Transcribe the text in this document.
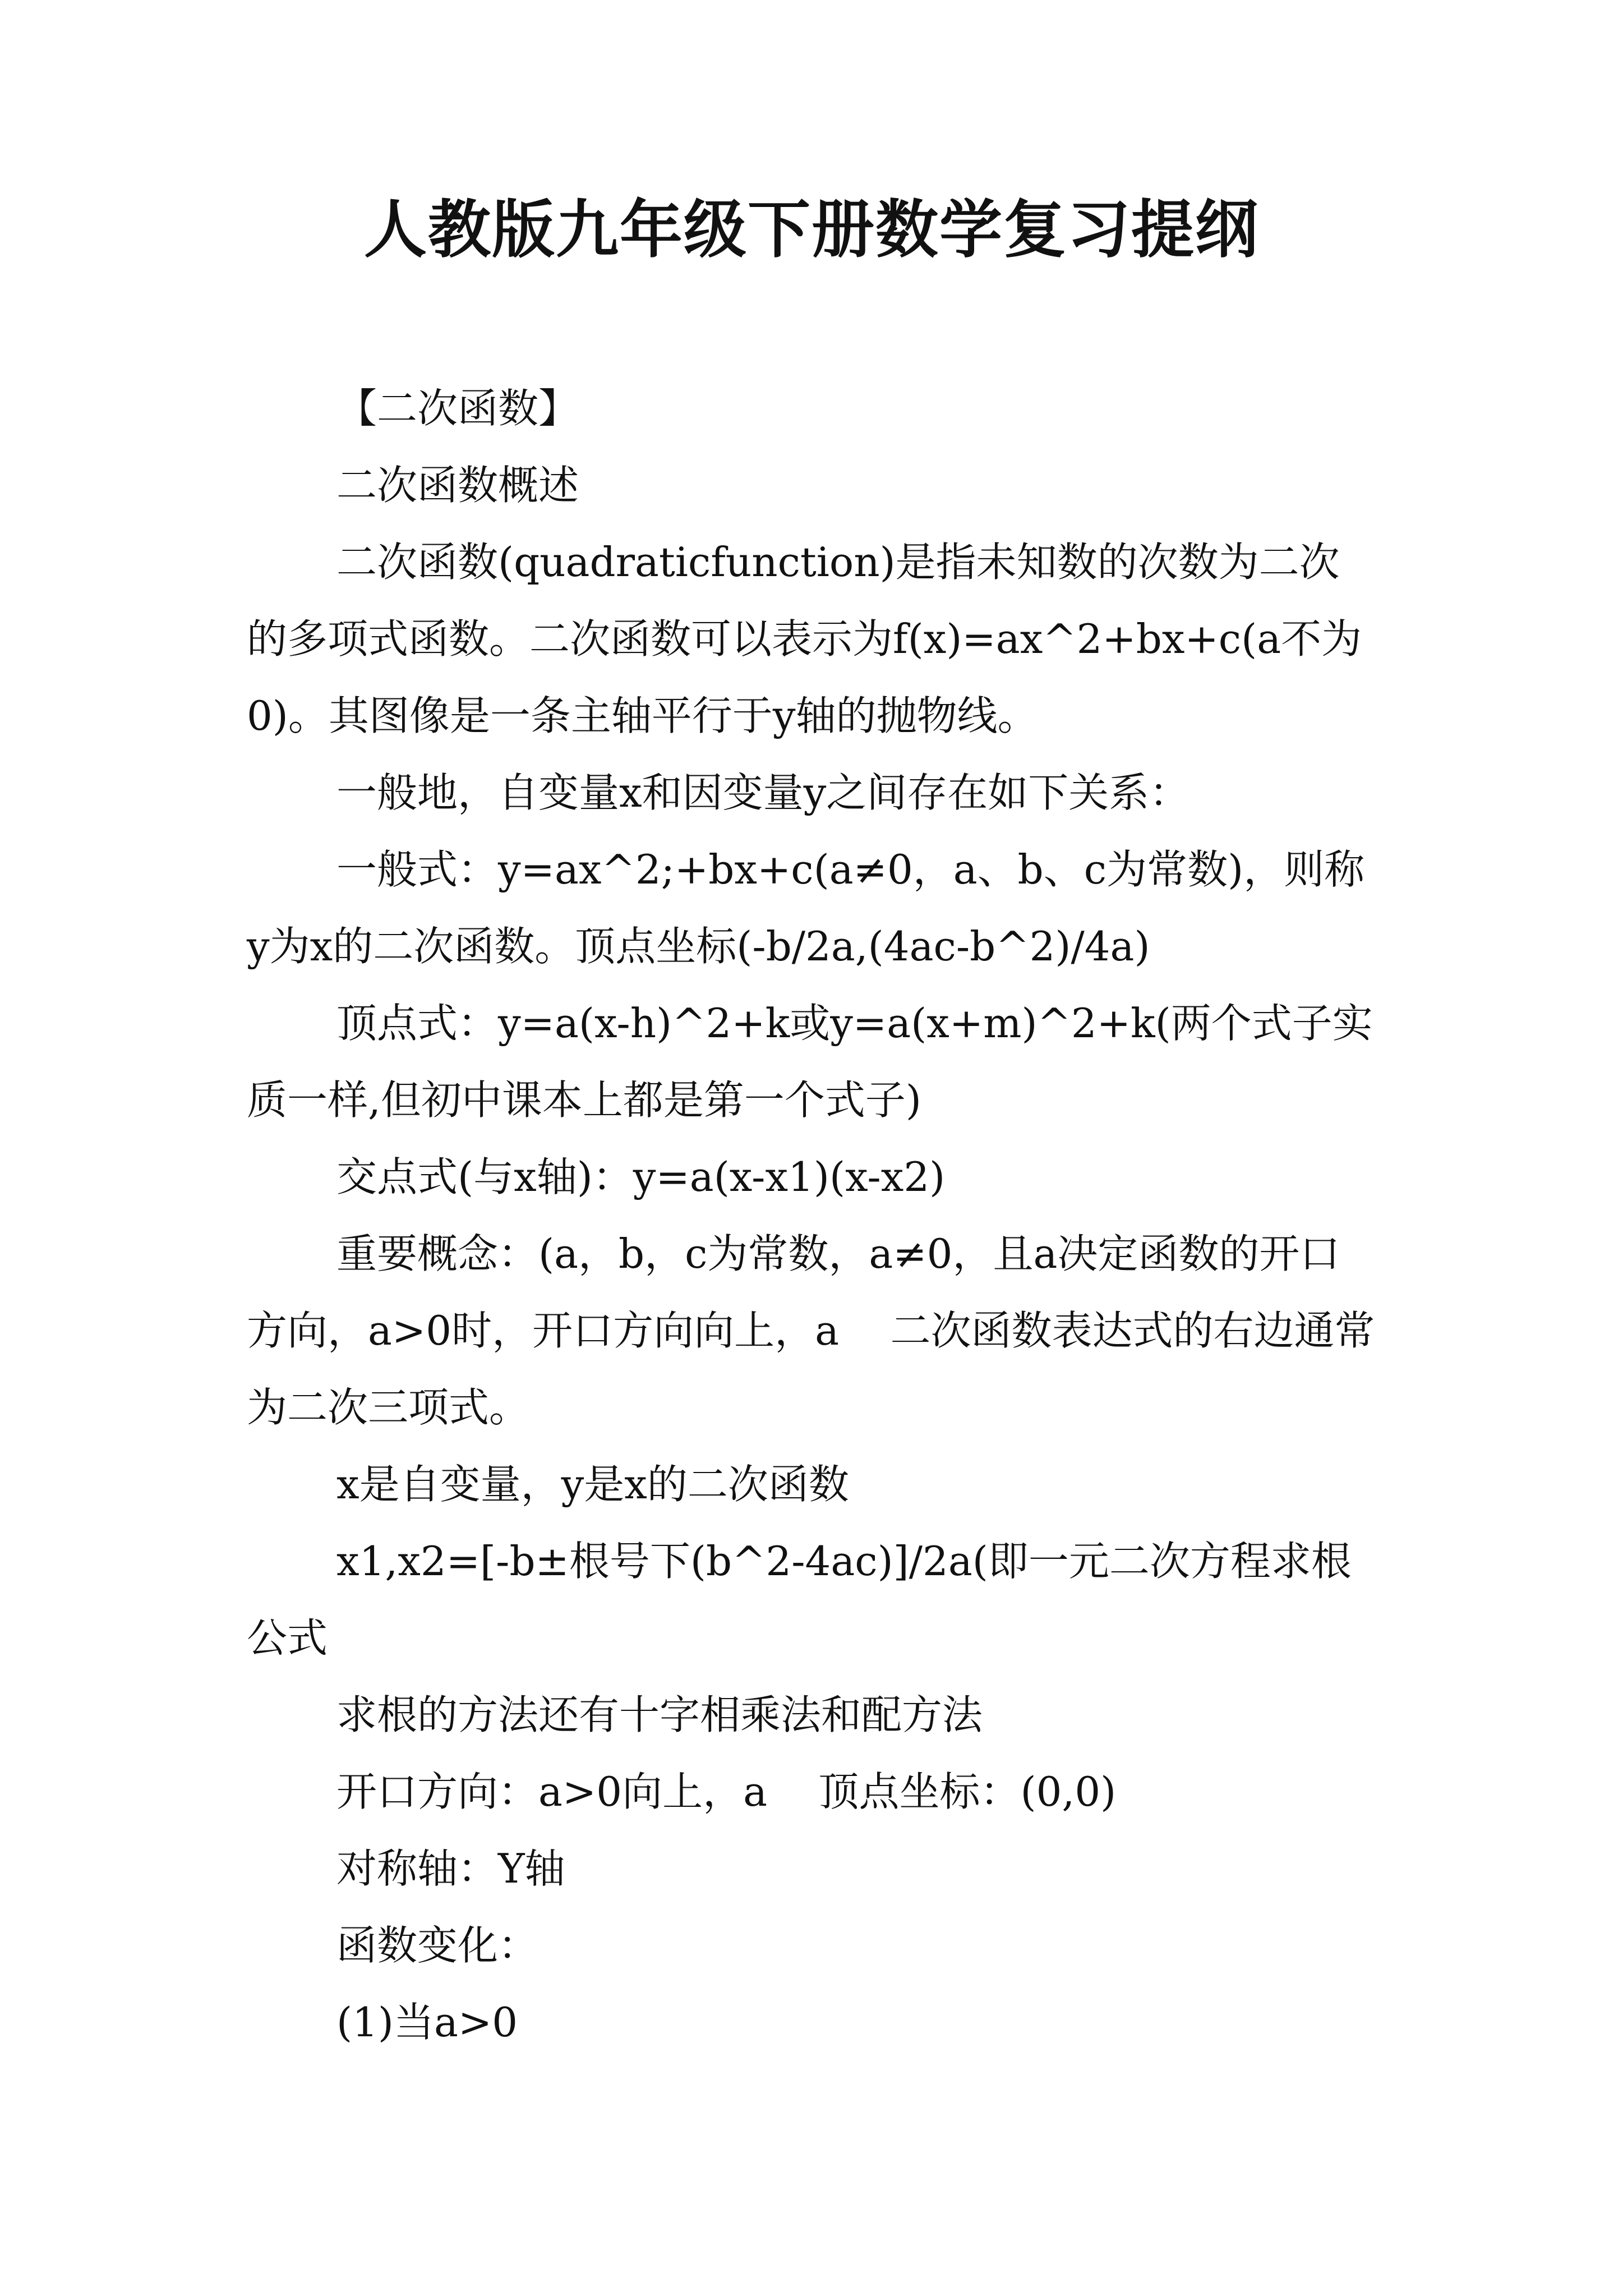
人教版九年级下册数学复习提纲

【二次函数】

二次函数概述

二次函数(quadraticfunction)是指未知数的次数为二次的多项式函数。二次函数可以表示为f(x)=ax^2+bx+c(a不为0)。其图像是一条主轴平行于y轴的抛物线。

一般地，自变量x和因变量y之间存在如下关系：

一般式：y=ax^2;+bx+c(a≠0，a、b、c为常数)，则称y为x的二次函数。顶点坐标(-b/2a,(4ac-b^2)/4a)

顶点式：y=a(x-h)^2+k或y=a(x+m)^2+k(两个式子实质一样,但初中课本上都是第一个式子)

交点式(与x轴)：y=a(x-x1)(x-x2)

重要概念：(a，b，c为常数，a≠0，且a决定函数的开口方向，a>0时，开口方向向上，a    二次函数表达式的右边通常为二次三项式。

x是自变量，y是x的二次函数

x1,x2=[-b±根号下(b^2-4ac)]/2a(即一元二次方程求根公式

求根的方法还有十字相乘法和配方法

开口方向：a>0向上，a    顶点坐标：(0,0)

对称轴：Y轴

函数变化：

(1)当a>0
